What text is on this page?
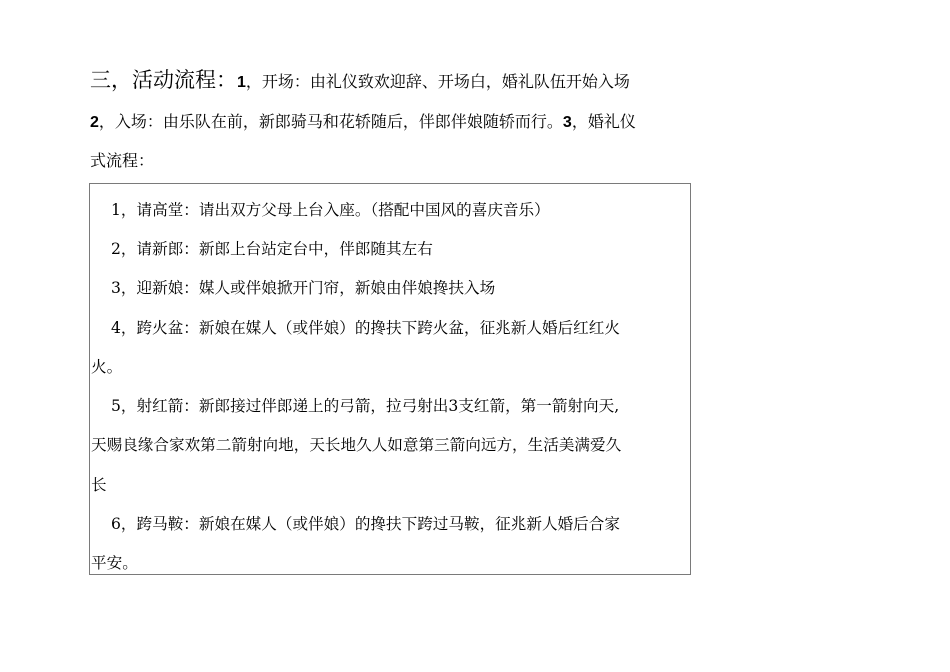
三，活动流程：1，开场：由礼仪致欢迎辞、开场白，婚礼队伍开始入场
2，入场：由乐队在前，新郎骑马和花轿随后，伴郎伴娘随轿而行。3，婚礼仪
式流程：
1，请高堂：请出双方父母上台入座。（搭配中国风的喜庆音乐）
2，请新郎：新郎上台站定台中，伴郎随其左右
3，迎新娘：媒人或伴娘掀开门帘，新娘由伴娘搀扶入场
4，跨火盆：新娘在媒人（或伴娘）的搀扶下跨火盆，征兆新人婚后红红火
火。
5，射红箭：新郎接过伴郎递上的弓箭，拉弓射出3支红箭，第一箭射向天,
天赐良缘合家欢第二箭射向地，天长地久人如意第三箭向远方，生活美满爱久
长
6，跨马鞍：新娘在媒人（或伴娘）的搀扶下跨过马鞍，征兆新人婚后合家
平安。
